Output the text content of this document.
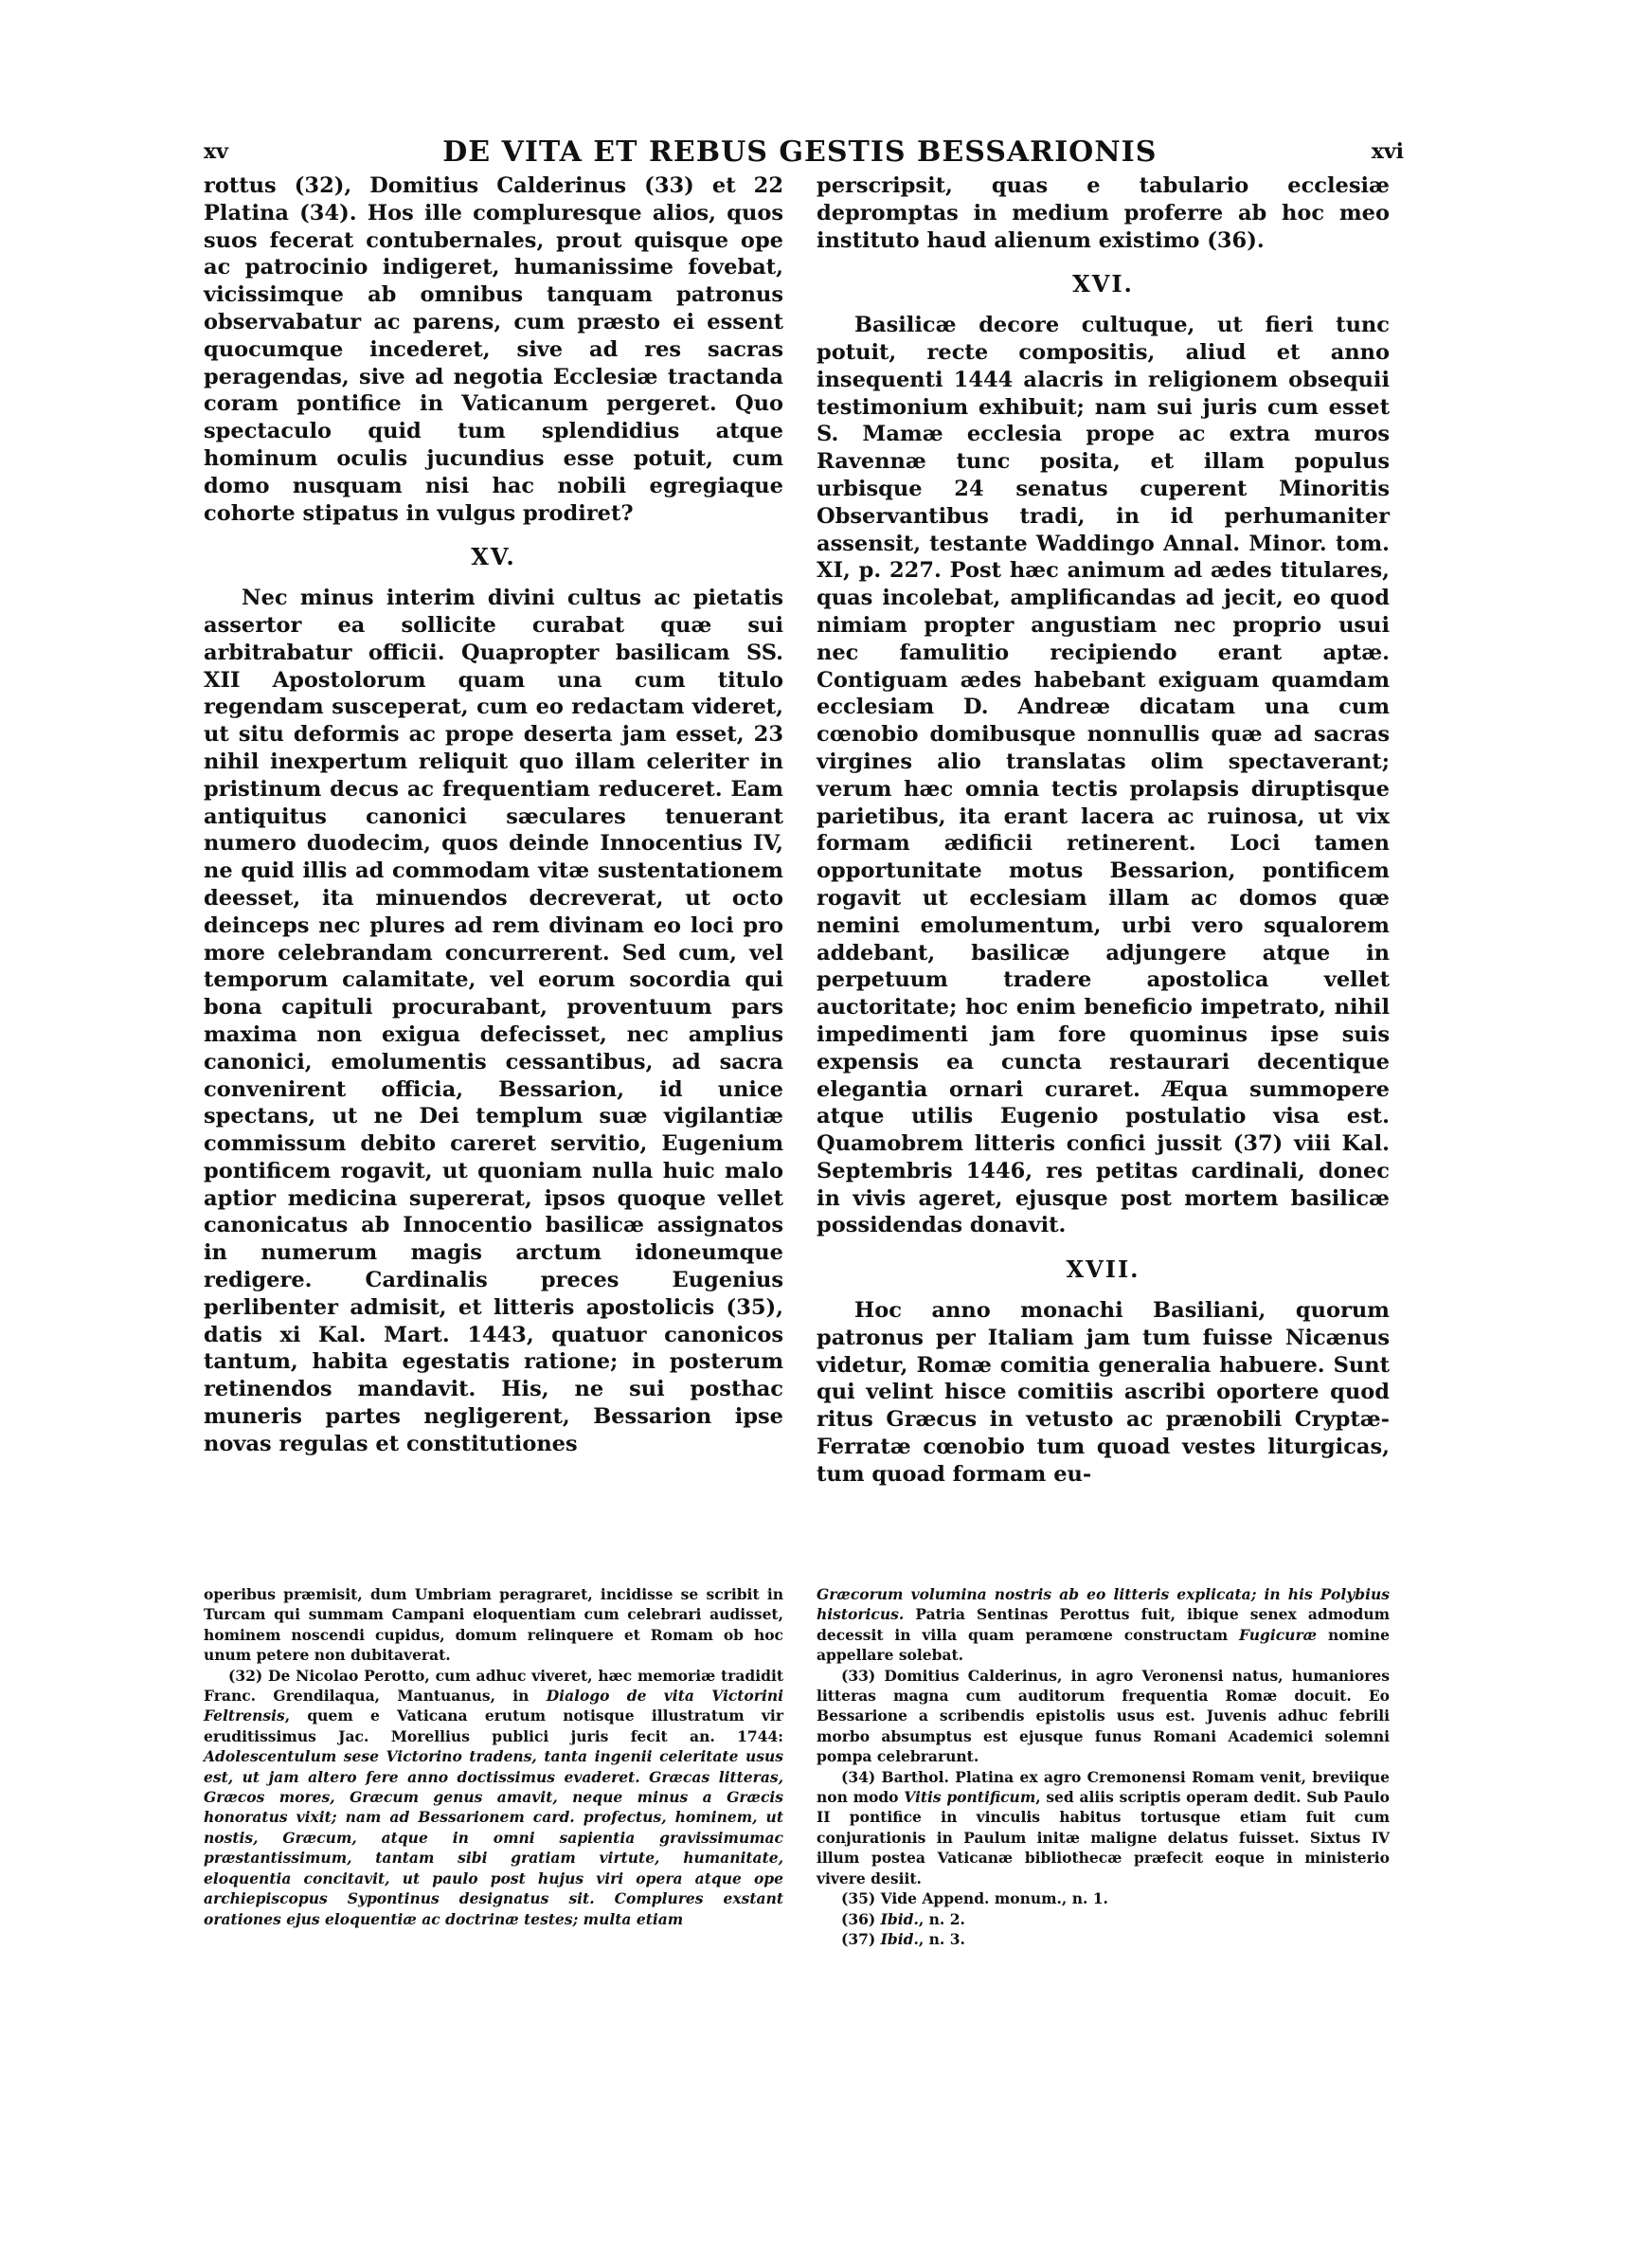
xv	DE VITA ET REBUS GESTIS BESSARIONIS	xvi

rottus (32), Domitius Calderinus (33) et 22 Platina (34). Hos ille compluresque alios, quos suos fecerat contubernales, prout quisque ope ac patrocinio indigeret, humanissime fovebat, vicissimque ab omnibus tanquam patronus observabatur ac parens, cum præsto ei essent quocumque incederet, sive ad res sacras peragendas, sive ad negotia Ecclesiæ tractanda coram pontifice in Vaticanum pergeret. Quo spectaculo quid tum splendidius atque hominum oculis jucundius esse potuit, cum domo nusquam nisi hac nobili egregiaque cohorte stipatus in vulgus prodiret?

XV.

Nec minus interim divini cultus ac pietatis assertor ea sollicite curabat quæ sui arbitrabatur officii. Quapropter basilicam SS. XII Apostolorum quam una cum titulo regendam susceperat, cum eo redactam videret, ut situ deformis ac prope deserta jam esset, 23 nihil inexpertum reliquit quo illam celeriter in pristinum decus ac frequentiam reduceret. Eam antiquitus canonici sæculares tenuerant numero duodecim, quos deinde Innocentius IV, ne quid illis ad commodam vitæ sustentationem deesset, ita minuendos decreverat, ut octo deinceps nec plures ad rem divinam eo loci pro more celebrandam concurrerent. Sed cum, vel temporum calamitate, vel eorum socordia qui bona capituli procurabant, proventuum pars maxima non exigua defecisset, nec amplius canonici, emolumentis cessantibus, ad sacra convenirent officia, Bessarion, id unice spectans, ut ne Dei templum suæ vigilantiæ commissum debito careret servitio, Eugenium pontificem rogavit, ut quoniam nulla huic malo aptior medicina supererat, ipsos quoque vellet canonicatus ab Innocentio basilicæ assignatos in numerum magis arctum idoneumque redigere. Cardinalis preces Eugenius perlibenter admisit, et litteris apostolicis (35), datis xi Kal. Mart. 1443, quatuor canonicos tantum, habita egestatis ratione; in posterum retinendos mandavit. His, ne sui posthac muneris partes negligerent, Bessarion ipse novas regulas et constitutiones

perscripsit, quas e tabulario ecclesiæ depromptas in medium proferre ab hoc meo instituto haud alienum existimo (36).

XVI.

Basilicæ decore cultuque, ut fieri tunc potuit, recte compositis, aliud et anno insequenti 1444 alacris in religionem obsequii testimonium exhibuit; nam sui juris cum esset S. Mamæ ecclesia prope ac extra muros Ravennæ tunc posita, et illam populus urbisque 24 senatus cuperent Minoritis Observantibus tradi, in id perhumaniter assensit, testante Waddingo Annal. Minor. tom. XI, p. 227. Post hæc animum ad ædes titulares, quas incolebat, amplificandas ad jecit, eo quod nimiam propter angustiam nec proprio usui nec famulitio recipiendo erant aptæ. Contiguam ædes habebant exiguam quamdam ecclesiam D. Andreæ dicatam una cum cœnobio domibusque nonnullis quæ ad sacras virgines alio translatas olim spectaverant; verum hæc omnia tectis prolapsis diruptisque parietibus, ita erant lacera ac ruinosa, ut vix formam ædificii retinerent. Loci tamen opportunitate motus Bessarion, pontificem rogavit ut ecclesiam illam ac domos quæ nemini emolumentum, urbi vero squalorem addebant, basilicæ adjungere atque in perpetuum tradere apostolica vellet auctoritate; hoc enim beneficio impetrato, nihil impedimenti jam fore quominus ipse suis expensis ea cuncta restaurari decentique elegantia ornari curaret. Æqua summopere atque utilis Eugenio postulatio visa est. Quamobrem litteris confici jussit (37) viii Kal. Septembris 1446, res petitas cardinali, donec in vivis ageret, ejusque post mortem basilicæ possidendas donavit.

XVII.

Hoc anno monachi Basiliani, quorum patronus per Italiam jam tum fuisse Nicænus videtur, Romæ comitia generalia habuere. Sunt qui velint hisce comitiis ascribi oportere quod ritus Græcus in vetusto ac prænobili Cryptæ-Ferratæ cœnobio tum quoad vestes liturgicas, tum quoad formam eu-

operibus præmisit, dum Umbriam peragraret, incidisse se scribit in Turcam qui summam Campani eloquentiam cum celebrari audisset, hominem noscendi cupidus, domum relinquere et Romam ob hoc unum petere non dubitaverat.

(32) De Nicolao Perotto, cum adhuc viveret, hæc memoriæ tradidit Franc. Grendilaqua, Mantuanus, in Dialogo de vita Victorini Feltrensis, quem e Vaticana erutum notisque illustratum vir eruditissimus Jac. Morellius publici juris fecit an. 1744: Adolescentulum sese Victorino tradens, tanta ingenii celeritate usus est, ut jam altero fere anno doctissimus evaderet. Græcas litteras, Græcos mores, Græcum genus amavit, neque minus a Græcis honoratus vixit; nam ad Bessarionem card. profectus, hominem, ut nostis, Græcum, atque in omni sapientia gravissimumac præstantissimum, tantam sibi gratiam virtute, humanitate, eloquentia concitavit, ut paulo post hujus viri opera atque ope archiepiscopus Sypontinus designatus sit. Complures exstant orationes ejus eloquentiæ ac doctrinæ testes; multa etiam

Græcorum volumina nostris ab eo litteris explicata; in his Polybius historicus. Patria Sentinas Perottus fuit, ibique senex admodum decessit in villa quam peramœne constructam Fugicuræ nomine appellare solebat.

(33) Domitius Calderinus, in agro Veronensi natus, humaniores litteras magna cum auditorum frequentia Romæ docuit. Eo Bessarione a scribendis epistolis usus est. Juvenis adhuc febrili morbo absumptus est ejusque funus Romani Academici solemni pompa celebrarunt.

(34) Barthol. Platina ex agro Cremonensi Romam venit, breviique non modo Vitis pontificum, sed aliis scriptis operam dedit. Sub Paulo II pontifice in vinculis habitus tortusque etiam fuit cum conjurationis in Paulum initæ maligne delatus fuisset. Sixtus IV illum postea Vaticanæ bibliothecæ præfecit eoque in ministerio vivere desiit.

(35) Vide Append. monum., n. 1.

(36) Ibid., n. 2.

(37) Ibid., n. 3.
